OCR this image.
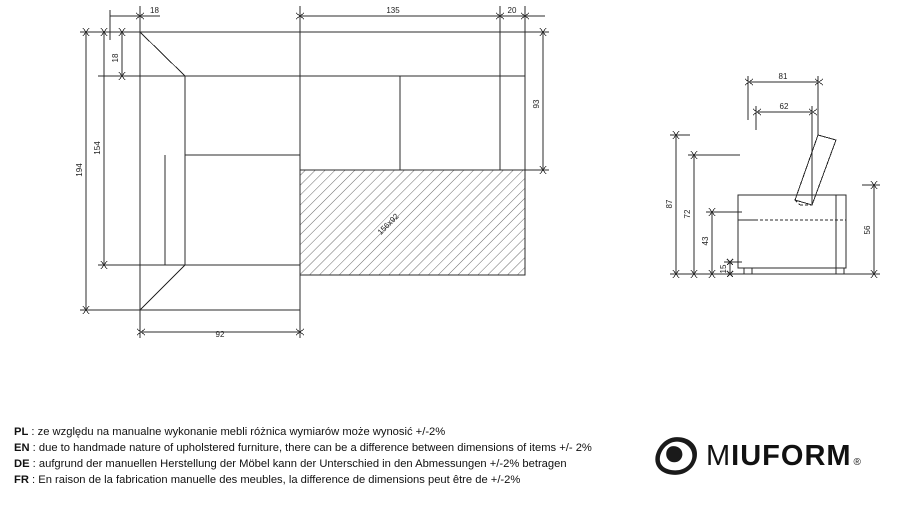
18	135	20
18
154
194
93
92
156x92
81
62
87
72
43
15
56
PL : ze względu na manualne wykonanie mebli różnica wymiarów może wynosić +/-2%
EN : due to handmade nature of upholstered furniture, there can be a difference between dimensions of items +/- 2%
DE : aufgrund der manuellen Herstellung der Möbel kann der Unterschied in den Abmessungen +/-2% betragen
FR : En raison de la fabrication manuelle des meubles, la difference de dimensions peut être de +/-2%
M IUFORM ®
